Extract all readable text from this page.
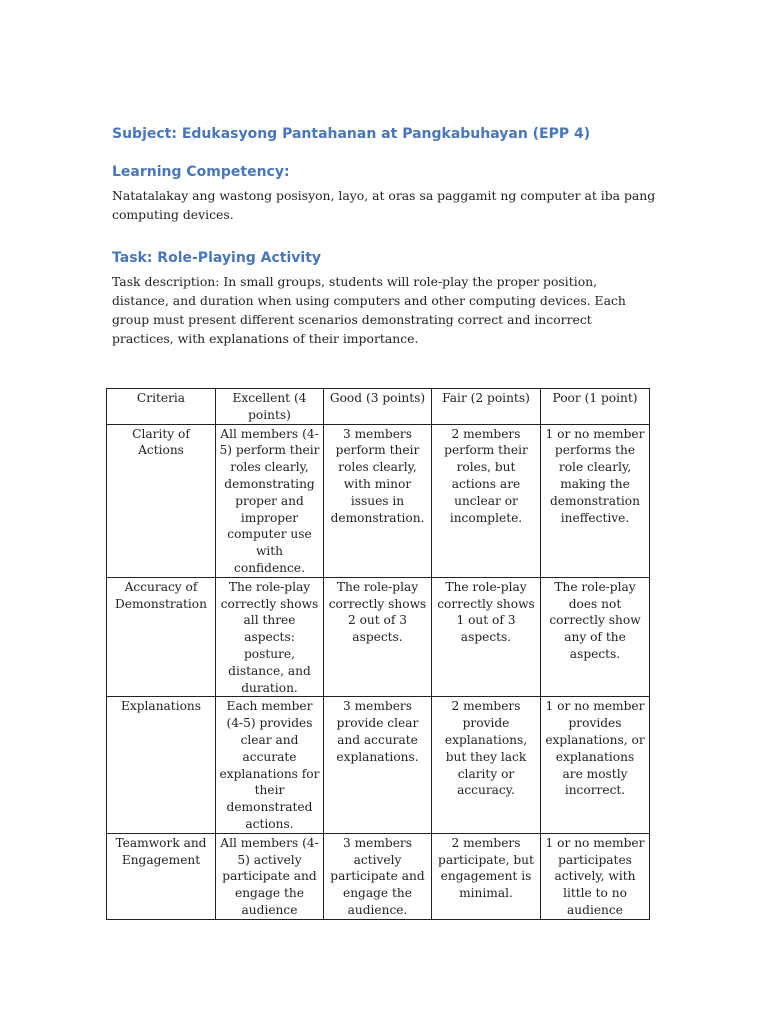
Subject: Edukasyong Pantahanan at Pangkabuhayan (EPP 4)
Learning Competency:

Natatalakay ang wastong posisyon, layo, at oras sa paggamit ng computer at iba pang computing devices.

Task: Role-Playing Activity

Task description: In small groups, students will role-play the proper position, distance, and duration when using computers and other computing devices. Each group must present different scenarios demonstrating correct and incorrect practices, with explanations of their importance.

Criteria	Excellent (4 points)	Good (3 points)	Fair (2 points)	Poor (1 point)
Clarity of Actions	All members (4-5) perform their roles clearly, demonstrating proper and improper computer use with confidence.	3 members perform their roles clearly, with minor issues in demonstration.	2 members perform their roles, but actions are unclear or incomplete.	1 or no member performs the role clearly, making the demonstration ineffective.
Accuracy of Demonstration	The role-play correctly shows all three aspects: posture, distance, and duration.	The role-play correctly shows 2 out of 3 aspects.	The role-play correctly shows 1 out of 3 aspects.	The role-play does not correctly show any of the aspects.
Explanations	Each member (4-5) provides clear and accurate explanations for their demonstrated actions.	3 members provide clear and accurate explanations.	2 members provide explanations, but they lack clarity or accuracy.	1 or no member provides explanations, or explanations are mostly incorrect.
Teamwork and Engagement	All members (4-5) actively participate and engage the audience	3 members actively participate and engage the audience.	2 members participate, but engagement is minimal.	1 or no member participates actively, with little to no audience
